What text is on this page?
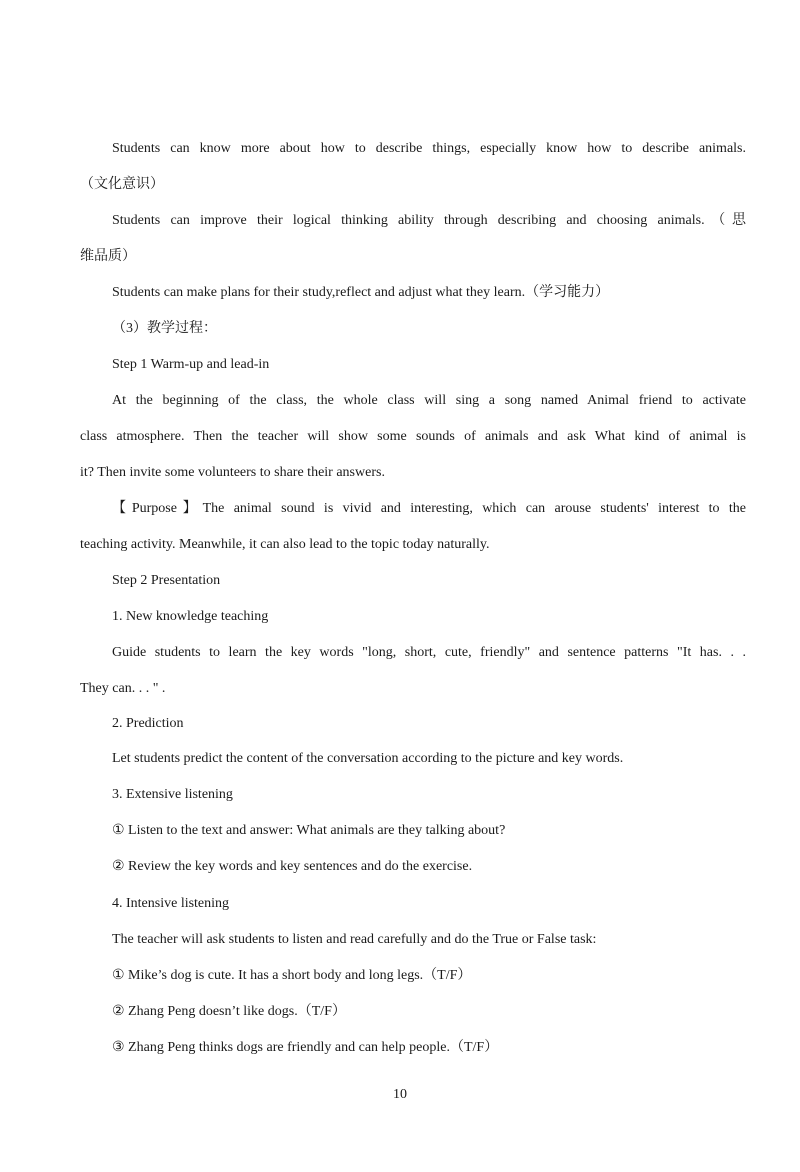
Students can know more about how to describe things, especially know how to describe animals.
（文化意识）
Students can improve their logical thinking ability through describing and choosing animals.（思
维品质）
Students can make plans for their study,reflect and adjust what they learn.（学习能力）
（3）教学过程：
Step 1 Warm-up and lead-in
At the beginning of the class, the whole class will sing a song named Animal friend to activate
class atmosphere. Then the teacher will show some sounds of animals and ask What kind of animal is
it? Then invite some volunteers to share their answers.
【Purpose】The animal sound is vivid and interesting, which can arouse students' interest to the
teaching activity. Meanwhile, it can also lead to the topic today naturally.
Step 2 Presentation
1. New knowledge teaching
Guide students to learn the key words "long, short, cute, friendly" and sentence patterns "It has. . .
They can. . . " .
2. Prediction
Let students predict the content of the conversation according to the picture and key words.
3. Extensive listening
① Listen to the text and answer: What animals are they talking about?
② Review the key words and key sentences and do the exercise.
4. Intensive listening
The teacher will ask students to listen and read carefully and do the True or False task:
① Mike’s dog is cute. It has a short body and long legs.（T/F）
② Zhang Peng doesn’t like dogs.（T/F）
③ Zhang Peng thinks dogs are friendly and can help people.（T/F）
10
